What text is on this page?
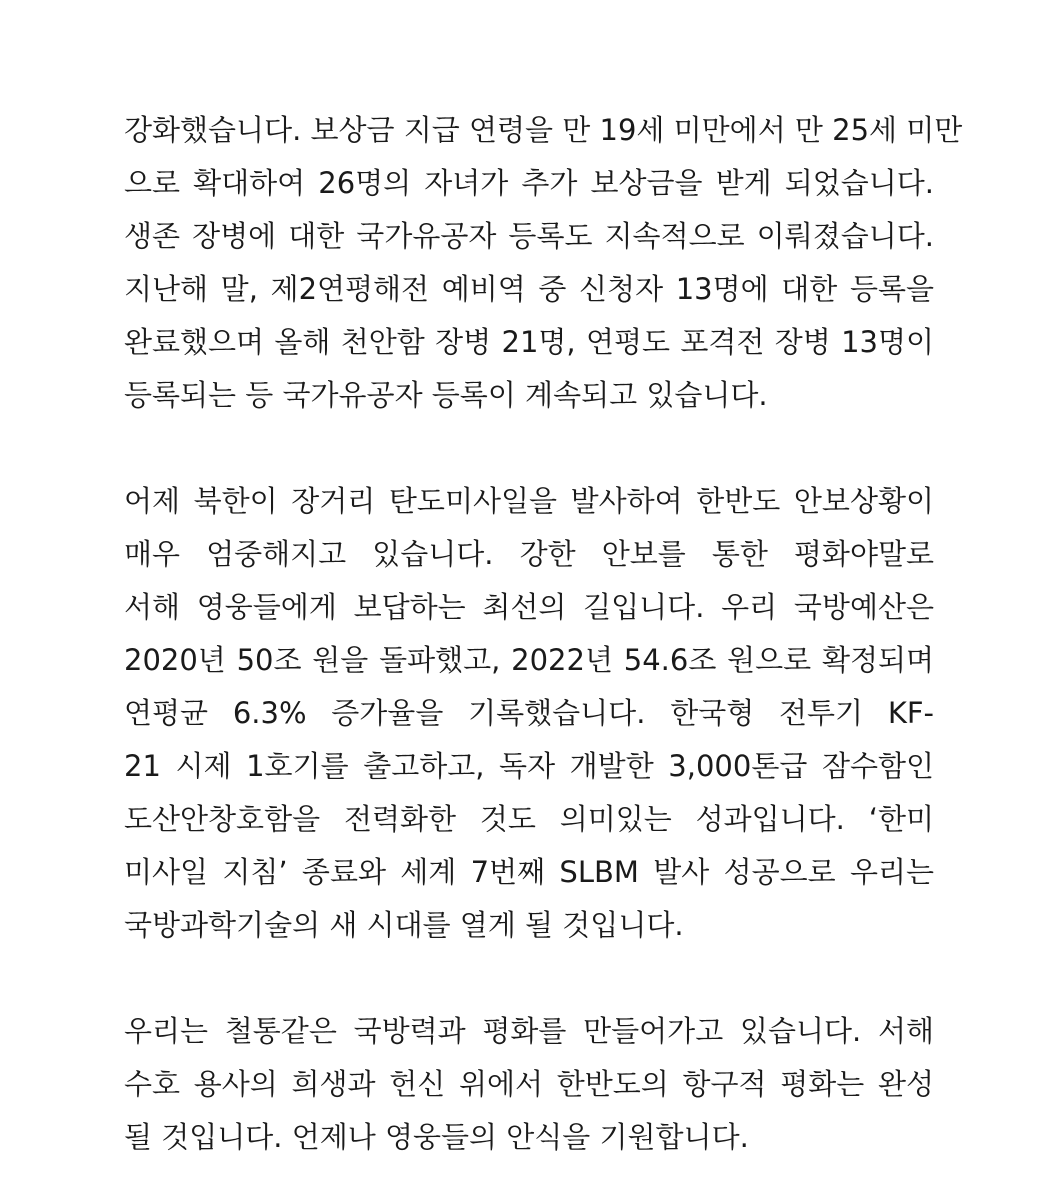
강화했습니다. 보상금 지급 연령을 만 19세 미만에서 만 25세 미만
으로 확대하여 26명의 자녀가 추가 보상금을 받게 되었습니다.
생존 장병에 대한 국가유공자 등록도 지속적으로 이뤄졌습니다.
지난해 말, 제2연평해전 예비역 중 신청자 13명에 대한 등록을
완료했으며 올해 천안함 장병 21명, 연평도 포격전 장병 13명이
등록되는 등 국가유공자 등록이 계속되고 있습니다.
어제 북한이 장거리 탄도미사일을 발사하여 한반도 안보상황이
매우 엄중해지고 있습니다. 강한 안보를 통한 평화야말로
서해 영웅들에게 보답하는 최선의 길입니다. 우리 국방예산은
2020년 50조 원을 돌파했고, 2022년 54.6조 원으로 확정되며
연평균 6.3% 증가율을 기록했습니다. 한국형 전투기 KF-
21 시제 1호기를 출고하고, 독자 개발한 3,000톤급 잠수함인
도산안창호함을 전력화한 것도 의미있는 성과입니다. ‘한미
미사일 지침’ 종료와 세계 7번째 SLBM 발사 성공으로 우리는
국방과학기술의 새 시대를 열게 될 것입니다.
우리는 철통같은 국방력과 평화를 만들어가고 있습니다. 서해
수호 용사의 희생과 헌신 위에서 한반도의 항구적 평화는 완성
될 것입니다. 언제나 영웅들의 안식을 기원합니다.
